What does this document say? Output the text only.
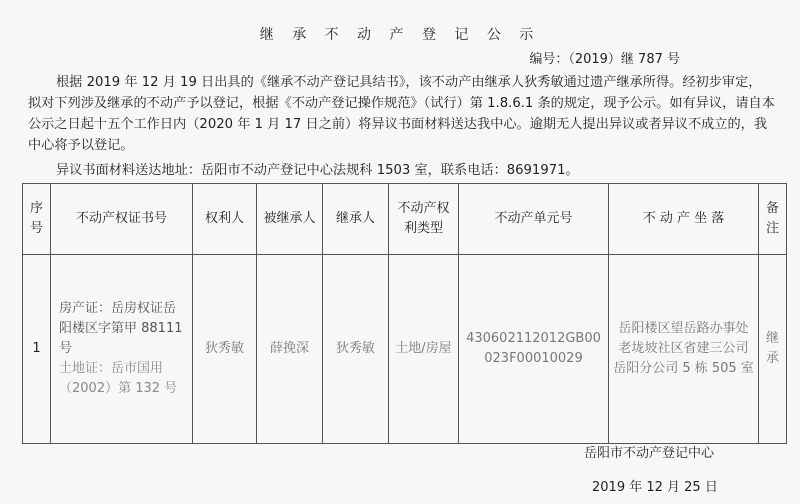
继 承 不 动 产 登 记 公 示
编号：（2019）继 787 号
根据 2019 年 12 月 19 日出具的《继承不动产登记具结书》，该不动产由继承人狄秀敏通过遗产继承所得。经初步审定， 拟对下列涉及继承的不动产予以登记，根据《不动产登记操作规范》（试行）第 1.8.6.1 条的规定，现予公示。如有异议，请自本公示之日起十五个工作日内（2020 年 1 月 17 日之前）将异议书面材料送达我中心。逾期无人提出异议或者异议不成立的，我中心将予以登记。
异议书面材料送达地址：岳阳市不动产登记中心法规科 1503 室，联系电话：8691971。
序号	不动产权证书号	权利人	被继承人	继承人	不动产权利类型	不动产单元号	不 动 产 坐 落	备注
1	房产证：岳房权证岳阳楼区字第甲 88111 号
土地证：岳市国用（2002）第 132 号	狄秀敏	薛挽深	狄秀敏	土地/房屋	430602112012GB00023F00010029	岳阳楼区望岳路办事处老垅坡社区省建三公司岳阳分公司 5 栋 505 室	继承
岳阳市不动产登记中心
2019 年 12 月 25 日
